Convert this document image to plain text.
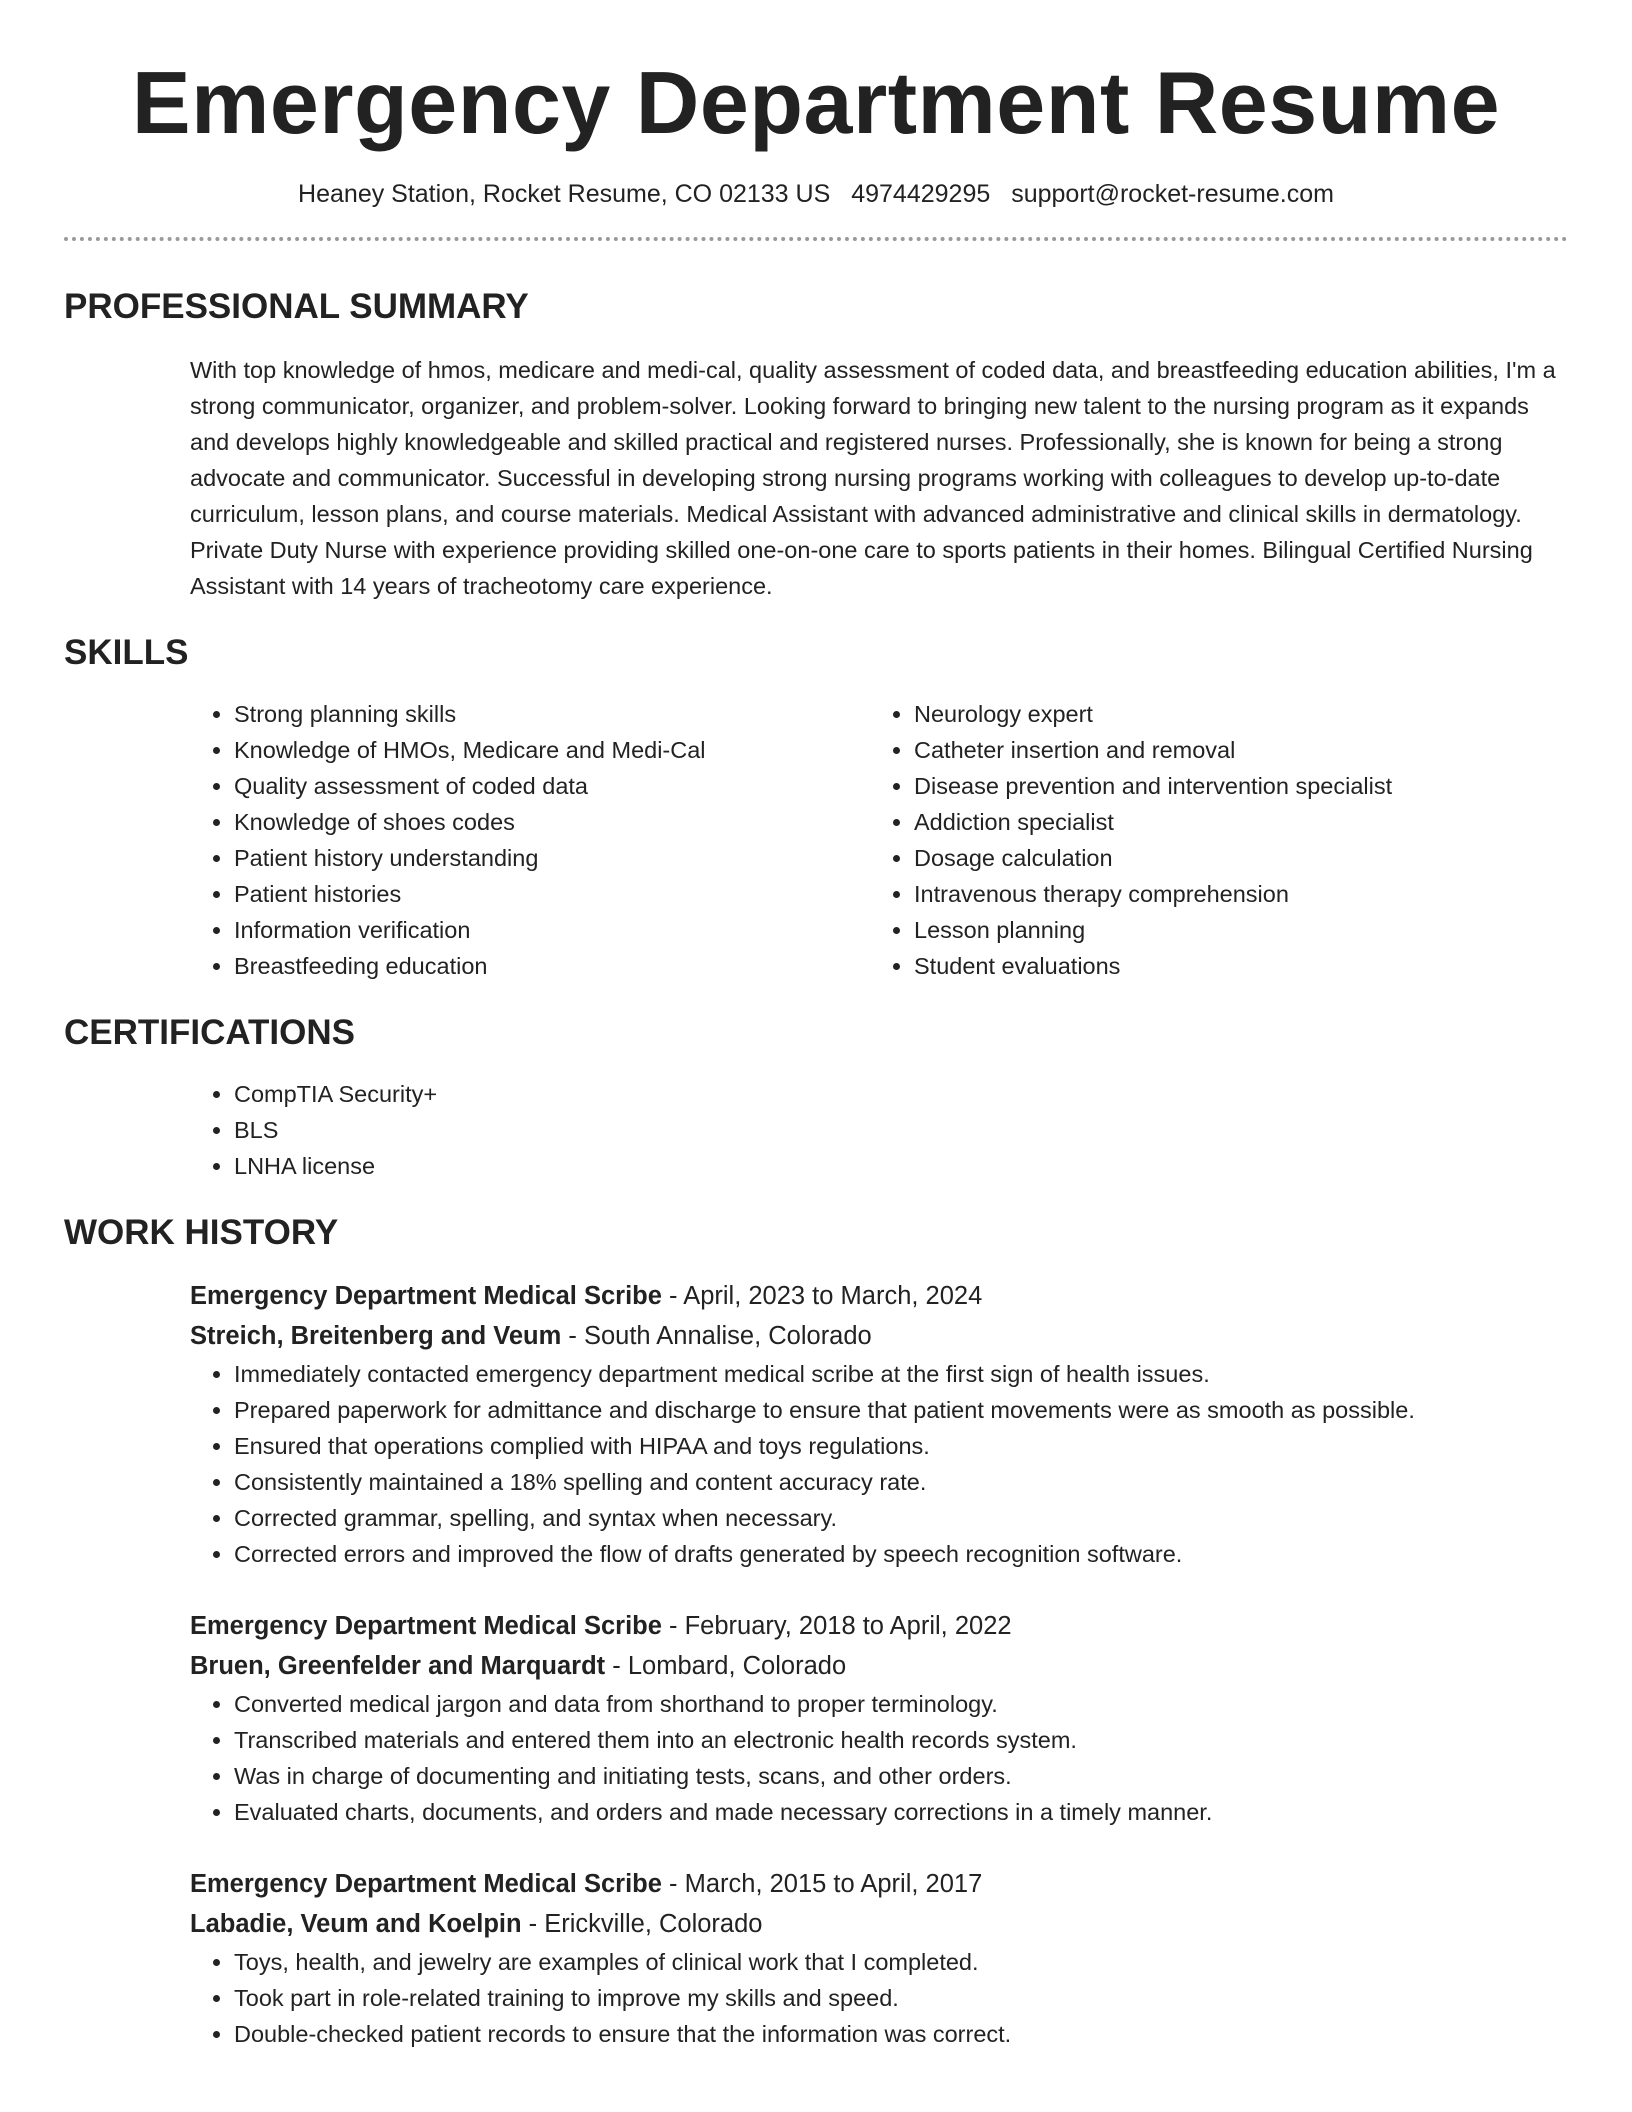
Emergency Department Resume
Heaney Station, Rocket Resume, CO 02133 US 4974429295 support@rocket-resume.com
PROFESSIONAL SUMMARY

With top knowledge of hmos, medicare and medi-cal, quality assessment of coded data, and breastfeeding education abilities, I'm a strong communicator, organizer, and problem-solver. Looking forward to bringing new talent to the nursing program as it expands and develops highly knowledgeable and skilled practical and registered nurses. Professionally, she is known for being a strong advocate and communicator. Successful in developing strong nursing programs working with colleagues to develop up-to-date curriculum, lesson plans, and course materials. Medical Assistant with advanced administrative and clinical skills in dermatology. Private Duty Nurse with experience providing skilled one-on-one care to sports patients in their homes. Bilingual Certified Nursing Assistant with 14 years of tracheotomy care experience.

SKILLS
• Strong planning skills
• Knowledge of HMOs, Medicare and Medi-Cal
• Quality assessment of coded data
• Knowledge of shoes codes
• Patient history understanding
• Patient histories
• Information verification
• Breastfeeding education
• Neurology expert
• Catheter insertion and removal
• Disease prevention and intervention specialist
• Addiction specialist
• Dosage calculation
• Intravenous therapy comprehension
• Lesson planning
• Student evaluations
CERTIFICATIONS
• CompTIA Security+
• BLS
• LNHA license
WORK HISTORY
Emergency Department Medical Scribe - April, 2023 to March, 2024
Streich, Breitenberg and Veum - South Annalise, Colorado
• Immediately contacted emergency department medical scribe at the first sign of health issues.
• Prepared paperwork for admittance and discharge to ensure that patient movements were as smooth as possible.
• Ensured that operations complied with HIPAA and toys regulations.
• Consistently maintained a 18% spelling and content accuracy rate.
• Corrected grammar, spelling, and syntax when necessary.
• Corrected errors and improved the flow of drafts generated by speech recognition software.
Emergency Department Medical Scribe - February, 2018 to April, 2022
Bruen, Greenfelder and Marquardt - Lombard, Colorado
• Converted medical jargon and data from shorthand to proper terminology.
• Transcribed materials and entered them into an electronic health records system.
• Was in charge of documenting and initiating tests, scans, and other orders.
• Evaluated charts, documents, and orders and made necessary corrections in a timely manner.
Emergency Department Medical Scribe - March, 2015 to April, 2017
Labadie, Veum and Koelpin - Erickville, Colorado
• Toys, health, and jewelry are examples of clinical work that I completed.
• Took part in role-related training to improve my skills and speed.
• Double-checked patient records to ensure that the information was correct.
